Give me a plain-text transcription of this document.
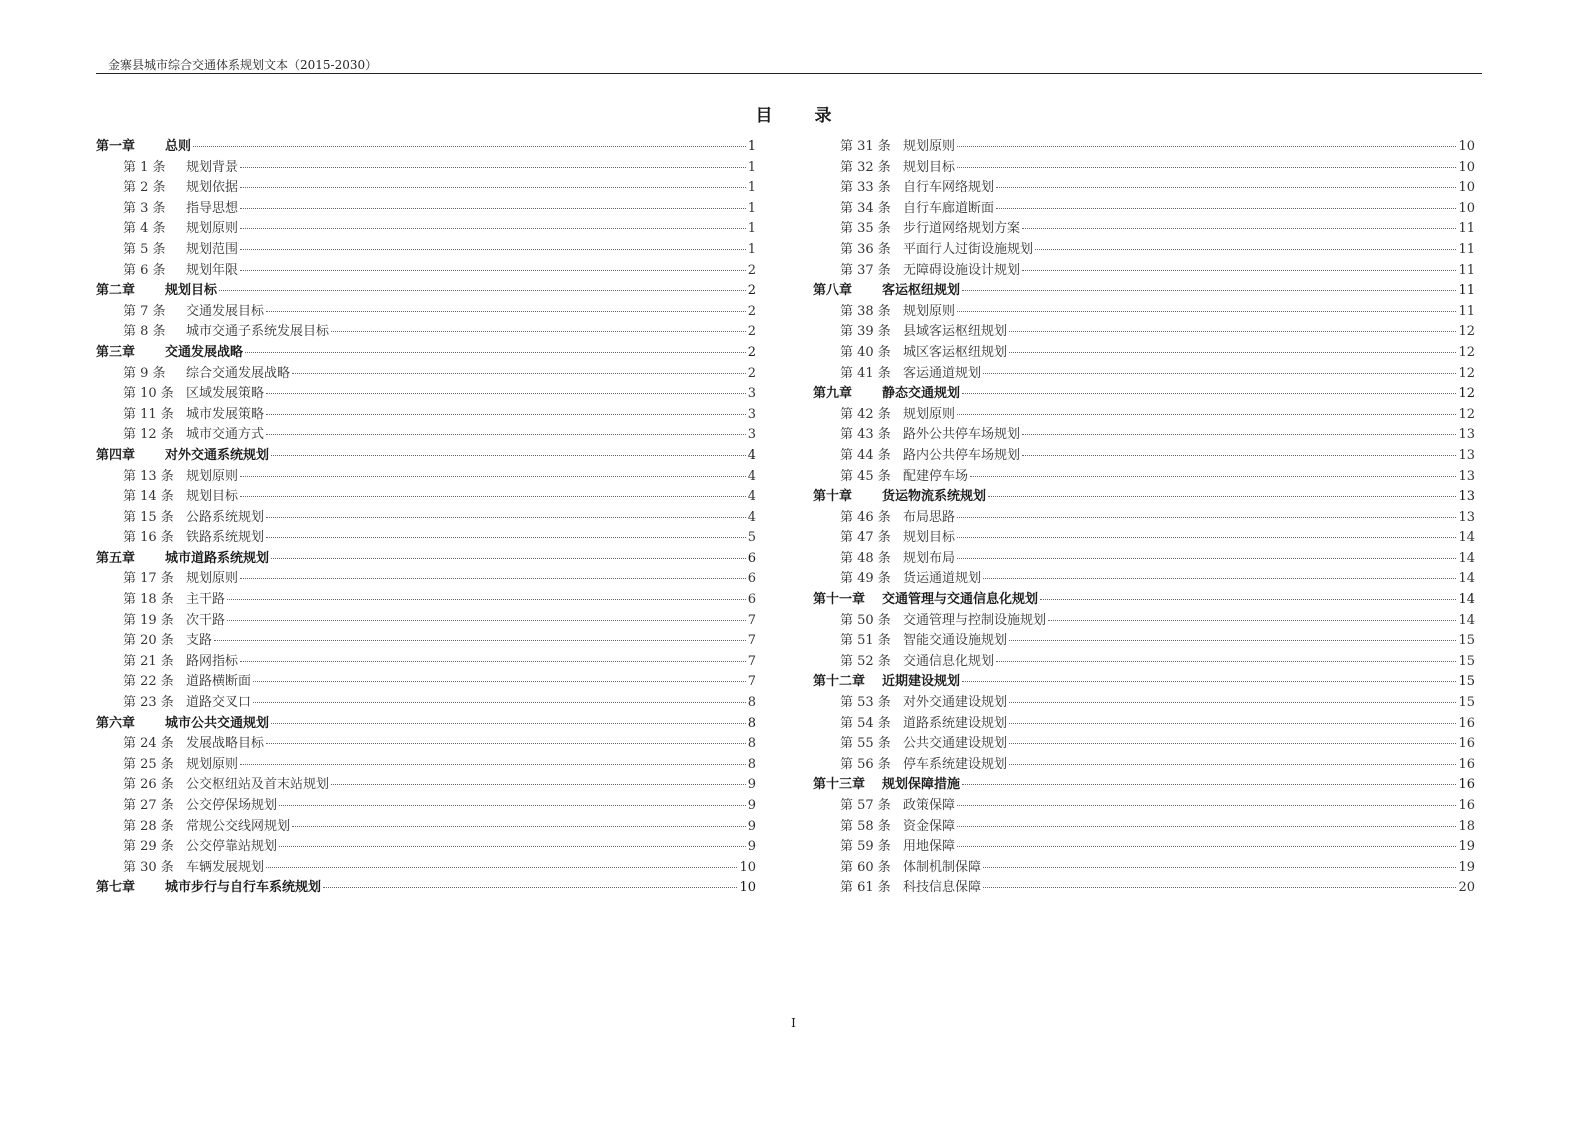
金寨县城市综合交通体系规划文本（2015-2030）
目 录
第一章	总则	1
第 1 条	规划背景	1
第 2 条	规划依据	1
第 3 条	指导思想	1
第 4 条	规划原则	1
第 5 条	规划范围	1
第 6 条	规划年限	2
第二章	规划目标	2
第 7 条	交通发展目标	2
第 8 条	城市交通子系统发展目标	2
第三章	交通发展战略	2
第 9 条	综合交通发展战略	2
第 10 条 区域发展策略	3
第 11 条 城市发展策略	3
第 12 条 城市交通方式	3
第四章	对外交通系统规划	4
第 13 条 规划原则	4
第 14 条 规划目标	4
第 15 条 公路系统规划	4
第 16 条 铁路系统规划	5
第五章	城市道路系统规划	6
第 17 条 规划原则	6
第 18 条 主干路	6
第 19 条 次干路	7
第 20 条 支路	7
第 21 条 路网指标	7
第 22 条 道路横断面	7
第 23 条 道路交叉口	8
第六章	城市公共交通规划	8
第 24 条 发展战略目标	8
第 25 条 规划原则	8
第 26 条 公交枢纽站及首末站规划	9
第 27 条 公交停保场规划	9
第 28 条 常规公交线网规划	9
第 29 条 公交停靠站规划	9
第 30 条 车辆发展规划	10
第七章	城市步行与自行车系统规划	10
第 31 条 规划原则	10
第 32 条 规划目标	10
第 33 条 自行车网络规划	10
第 34 条 自行车廊道断面	10
第 35 条 步行道网络规划方案	11
第 36 条 平面行人过街设施规划	11
第 37 条 无障碍设施设计规划	11
第八章	客运枢纽规划	11
第 38 条 规划原则	11
第 39 条 县域客运枢纽规划	12
第 40 条 城区客运枢纽规划	12
第 41 条 客运通道规划	12
第九章	静态交通规划	12
第 42 条 规划原则	12
第 43 条 路外公共停车场规划	13
第 44 条 路内公共停车场规划	13
第 45 条 配建停车场	13
第十章	货运物流系统规划	13
第 46 条 布局思路	13
第 47 条 规划目标	14
第 48 条 规划布局	14
第 49 条 货运通道规划	14
第十一章	交通管理与交通信息化规划	14
第 50 条 交通管理与控制设施规划	14
第 51 条 智能交通设施规划	15
第 52 条 交通信息化规划	15
第十二章	近期建设规划	15
第 53 条 对外交通建设规划	15
第 54 条 道路系统建设规划	16
第 55 条 公共交通建设规划	16
第 56 条 停车系统建设规划	16
第十三章	规划保障措施	16
第 57 条 政策保障	16
第 58 条 资金保障	18
第 59 条 用地保障	19
第 60 条 体制机制保障	19
第 61 条 科技信息保障	20
I
